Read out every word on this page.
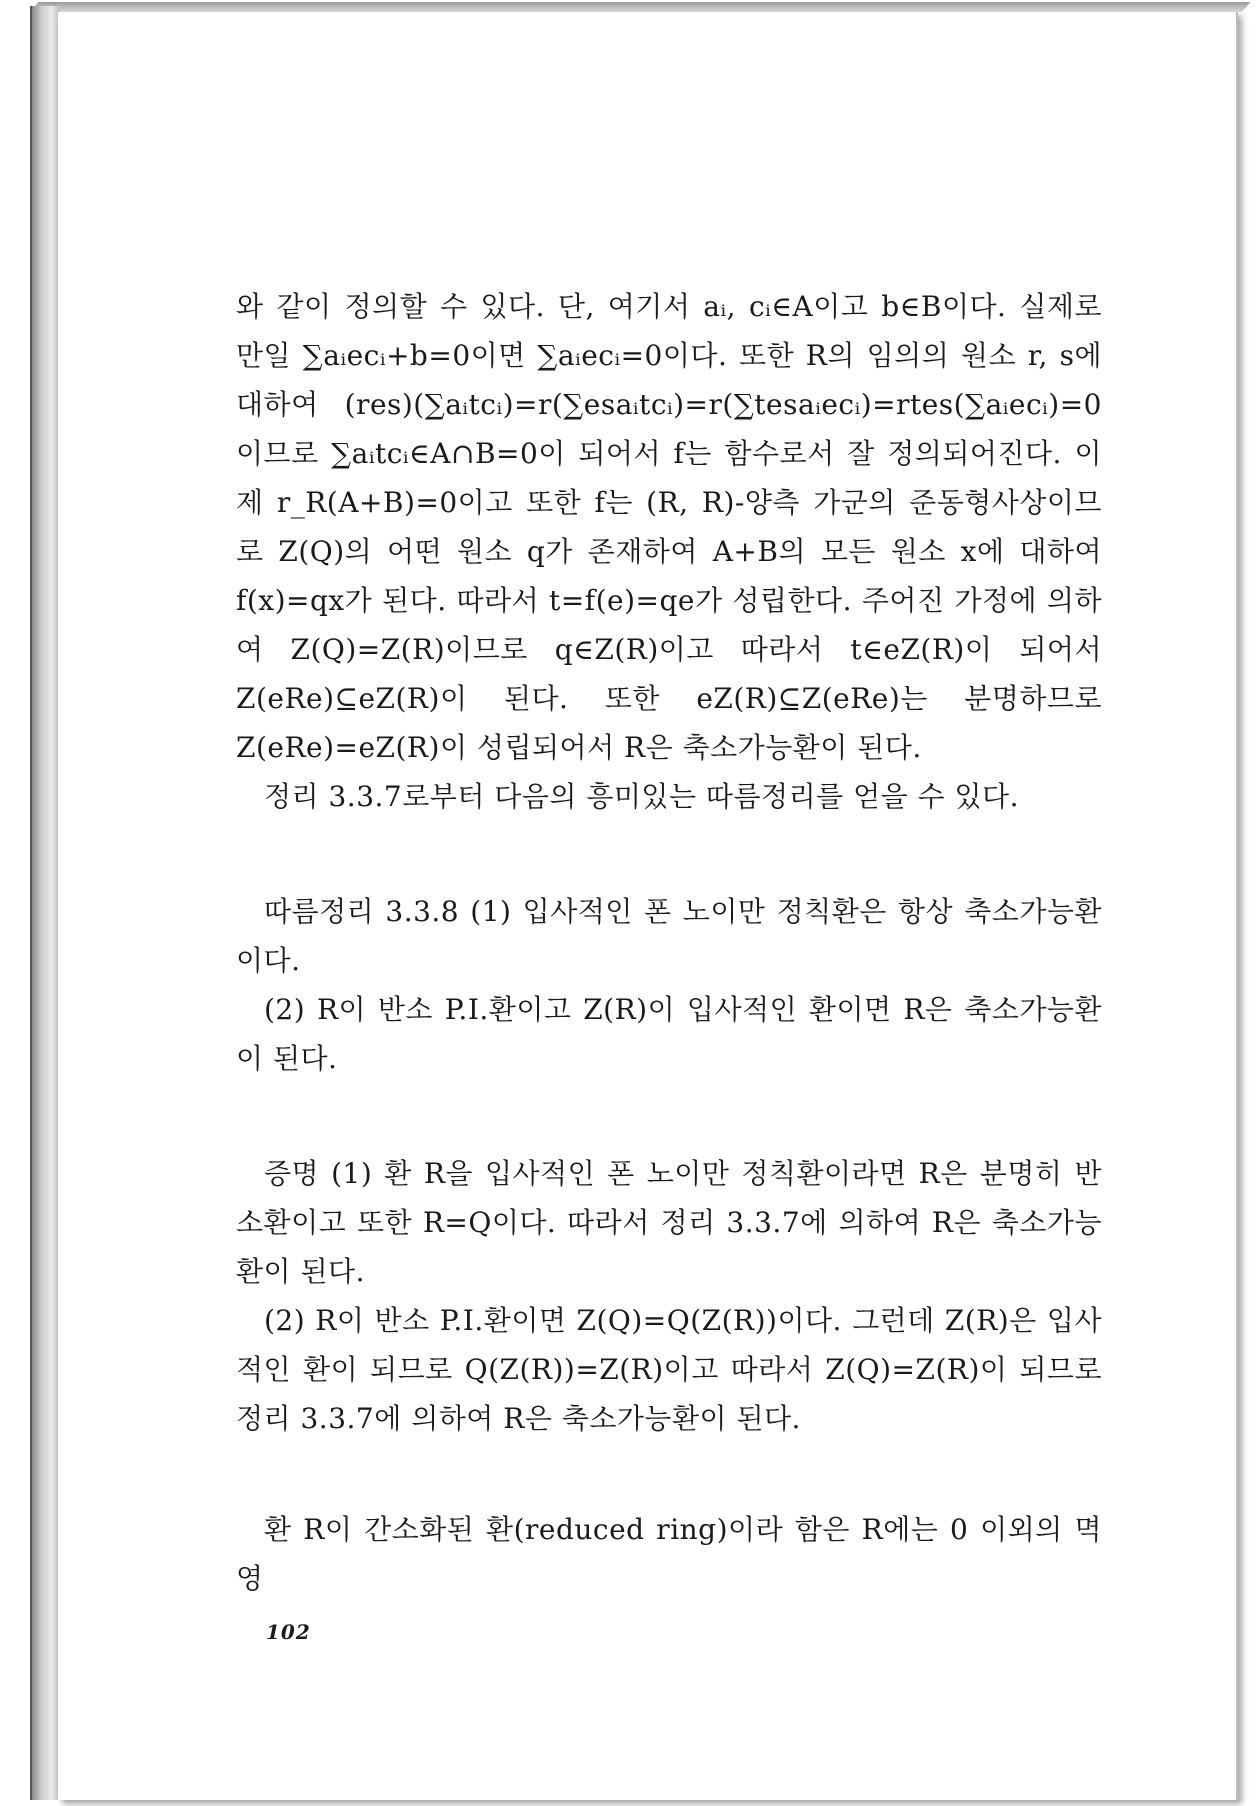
와 같이 정의할 수 있다. 단, 여기서 aᵢ, cᵢ∈A이고 b∈B이다. 실제로 만일 ∑aᵢecᵢ+b=0이면 ∑aᵢecᵢ=0이다. 또한 R의 임의의 원소 r, s에 대하여 (res)(∑aᵢtcᵢ)=r(∑esaᵢtcᵢ)=r(∑tesaᵢecᵢ)=rtes(∑aᵢecᵢ)=0이므로 ∑aᵢtcᵢ∈A∩B=0이 되어서 f는 함수로서 잘 정의되어진다. 이제 r_R(A+B)=0이고 또한 f는 (R, R)-양측 가군의 준동형사상이므로 Z(Q)의 어떤 원소 q가 존재하여 A+B의 모든 원소 x에 대하여 f(x)=qx가 된다. 따라서 t=f(e)=qe가 성립한다. 주어진 가정에 의하여 Z(Q)=Z(R)이므로 q∈Z(R)이고 따라서 t∈eZ(R)이 되어서 Z(eRe)⊆eZ(R)이 된다. 또한 eZ(R)⊆Z(eRe)는 분명하므로 Z(eRe)=eZ(R)이 성립되어서 R은 축소가능환이 된다.

정리 3.3.7로부터 다음의 흥미있는 따름정리를 얻을 수 있다.

따름정리 3.3.8 (1) 입사적인 폰 노이만 정칙환은 항상 축소가능환이다.

(2) R이 반소 P.I.환이고 Z(R)이 입사적인 환이면 R은 축소가능환이 된다.

증명 (1) 환 R을 입사적인 폰 노이만 정칙환이라면 R은 분명히 반소환이고 또한 R=Q이다. 따라서 정리 3.3.7에 의하여 R은 축소가능환이 된다.

(2) R이 반소 P.I.환이면 Z(Q)=Q(Z(R))이다. 그런데 Z(R)은 입사적인 환이 되므로 Q(Z(R))=Z(R)이고 따라서 Z(Q)=Z(R)이 되므로 정리 3.3.7에 의하여 R은 축소가능환이 된다.

환 R이 간소화된 환(reduced ring)이라 함은 R에는 0 이외의 멱영

102
